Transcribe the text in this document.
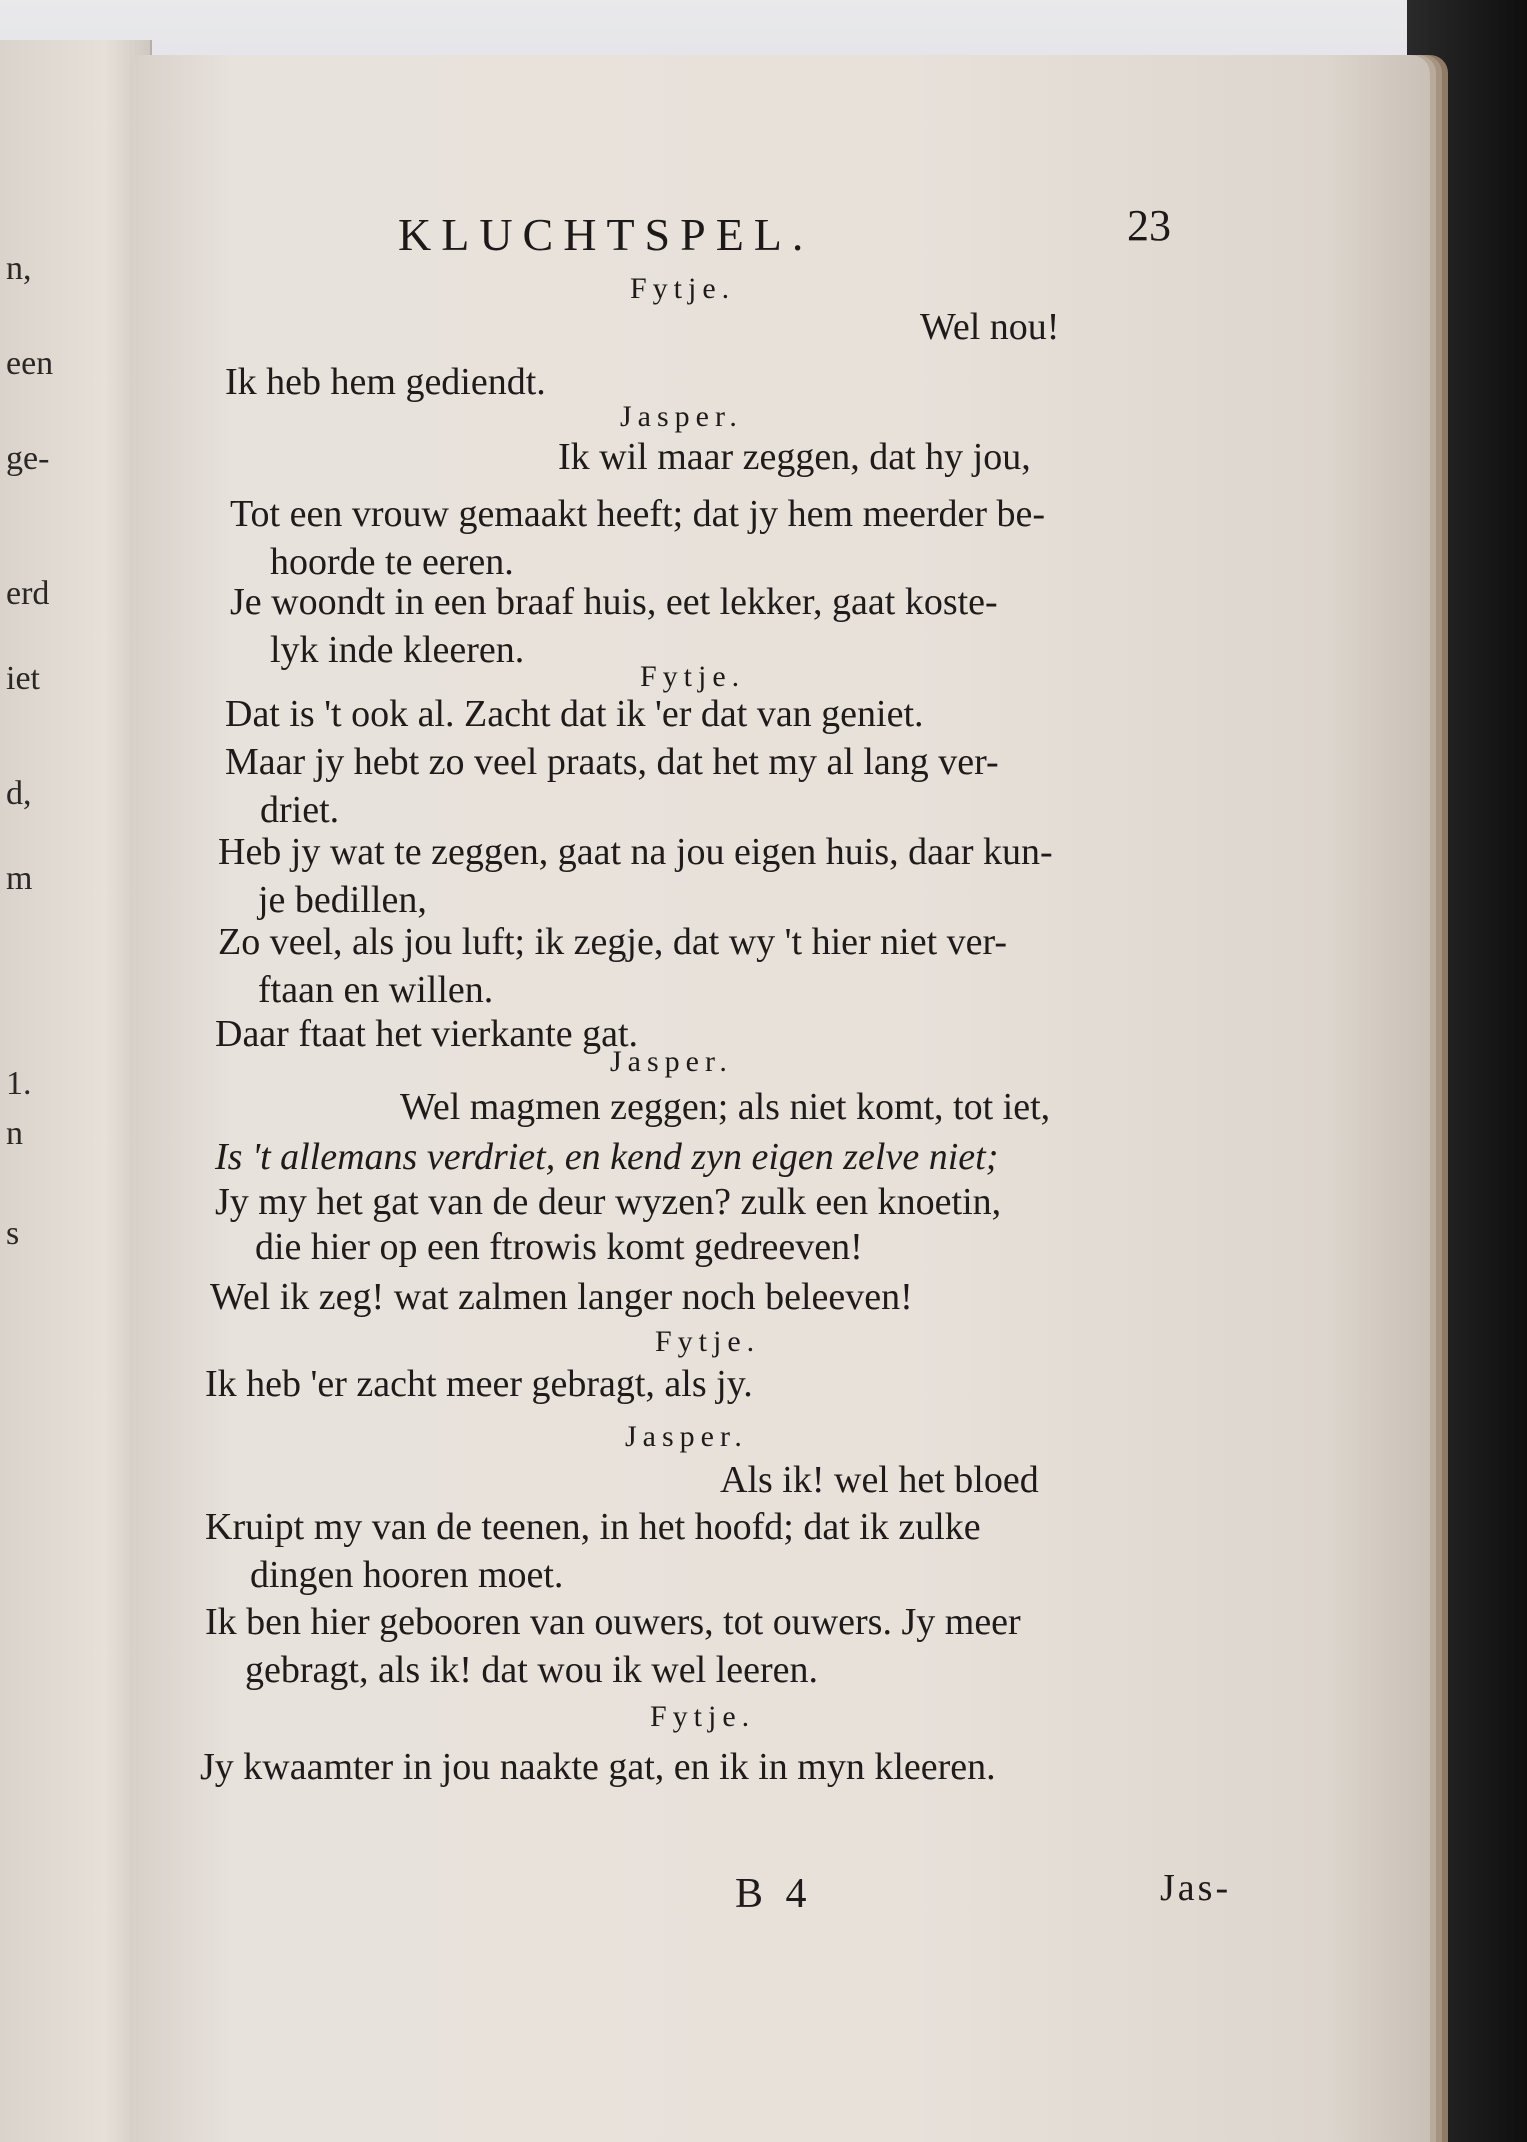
n,
een
ge-
erd
iet
d,
m
1.
n
s
KLUCHTSPEL.	23
Fytje.
Wel nou!
Ik heb hem gediendt.
Jasper.
Ik wil maar zeggen, dat hy jou,
Tot een vrouw gemaakt heeft; dat jy hem meerder be-
hoorde te eeren.
Je woondt in een braaf huis, eet lekker, gaat koste-
lyk inde kleeren.
Fytje.
Dat is 't ook al. Zacht dat ik 'er dat van geniet.
Maar jy hebt zo veel praats, dat het my al lang ver-
driet.
Heb jy wat te zeggen, gaat na jou eigen huis, daar kun-
je bedillen,
Zo veel, als jou luft; ik zegje, dat wy 't hier niet ver-
ftaan en willen.
Daar ftaat het vierkante gat.
Jasper.
Wel magmen zeggen; als niet komt, tot iet,
Is 't allemans verdriet, en kend zyn eigen zelve niet;
Jy my het gat van de deur wyzen? zulk een knoetin,
die hier op een ftrowis komt gedreeven!
Wel ik zeg! wat zalmen langer noch beleeven!
Fytje.
Ik heb 'er zacht meer gebragt, als jy.
Jasper.
Als ik! wel het bloed
Kruipt my van de teenen, in het hoofd; dat ik zulke
dingen hooren moet.
Ik ben hier gebooren van ouwers, tot ouwers. Jy meer
gebragt, als ik! dat wou ik wel leeren.
Fytje.
Jy kwaamter in jou naakte gat, en ik in myn kleeren.
B 4	Jas-
